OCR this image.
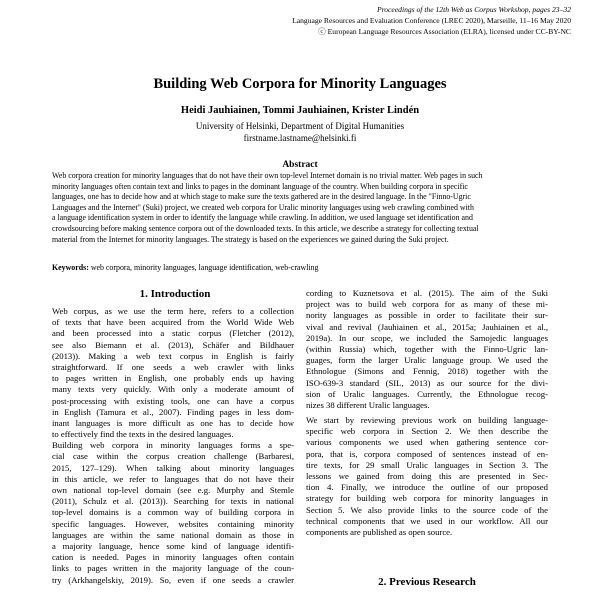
Proceedings of the 12th Web as Corpus Workshop, pages 23–32
Language Resources and Evaluation Conference (LREC 2020), Marseille, 11–16 May 2020
ⓒ European Language Resources Association (ELRA), licensed under CC-BY-NC
Building Web Corpora for Minority Languages
Heidi Jauhiainen, Tommi Jauhiainen, Krister Lindén
University of Helsinki, Department of Digital Humanities
firstname.lastname@helsinki.fi
Abstract
Web corpora creation for minority languages that do not have their own top-level Internet domain is no trivial matter. Web pages in such
minority languages often contain text and links to pages in the dominant language of the country. When building corpora in specific
languages, one has to decide how and at which stage to make sure the texts gathered are in the desired language. In the "Finno-Ugric
Languages and the Internet" (Suki) project, we created web corpora for Uralic minority languages using web crawling combined with
a language identification system in order to identify the language while crawling. In addition, we used language set identification and
crowdsourcing before making sentence corpora out of the downloaded texts. In this article, we describe a strategy for collecting textual
material from the Internet for minority languages. The strategy is based on the experiences we gained during the Suki project.
Keywords: web corpora, minority languages, language identification, web-crawling
1. Introduction
Web corpus, as we use the term here, refers to a collection
of texts that have been acquired from the World Wide Web
and been processed into a static corpus (Fletcher (2012),
see also Biemann et al. (2013), Schäfer and Bildhauer
(2013)). Making a web text corpus in English is fairly
straightforward. If one seeds a web crawler with links
to pages written in English, one probably ends up having
many texts very quickly. With only a moderate amount of
post-processing with existing tools, one can have a corpus
in English (Tamura et al., 2007). Finding pages in less dom-
inant languages is more difficult as one has to decide how
to effectively find the texts in the desired languages.
Building web corpora in minority languages forms a spe-
cial case within the corpus creation challenge (Barbaresi,
2015, 127–129). When talking about minority languages
in this article, we refer to languages that do not have their
own national top-level domain (see e.g. Murphy and Stemle
(2011), Schulz et al. (2013)). Searching for texts in national
top-level domains is a common way of building corpora in
specific languages. However, websites containing minority
languages are within the same national domain as those in
a majority language, hence some kind of language identifi-
cation is needed. Pages in minority languages often contain
links to pages written in the majority language of the coun-
try (Arkhangelskiy, 2019). So, even if one seeds a crawler
cording to Kuznetsova et al. (2015). The aim of the Suki
project was to build web corpora for as many of these mi-
nority languages as possible in order to facilitate their sur-
vival and revival (Jauhiainen et al., 2015a; Jauhiainen et al.,
2019a). In our scope, we included the Samojedic languages
(within Russia) which, together with the Finno-Ugric lan-
guages, form the larger Uralic language group. We used the
Ethnologue (Simons and Fennig, 2018) together with the
ISO-639-3 standard (SIL, 2013) as our source for the divi-
sion of Uralic languages. Currently, the Ethnologue recog-
nizes 38 different Uralic languages.
We start by reviewing previous work on building language-
specific web corpora in Section 2. We then describe the
various components we used when gathering sentence cor-
pora, that is, corpora composed of sentences instead of en-
tire texts, for 29 small Uralic languages in Section 3. The
lessons we gained from doing this are presented in Sec-
tion 4. Finally, we introduce the outline of our proposed
strategy for building web corpora for minority languages in
Section 5. We also provide links to the source code of the
technical components that we used in our workflow. All our
components are published as open source.
2. Previous Research
